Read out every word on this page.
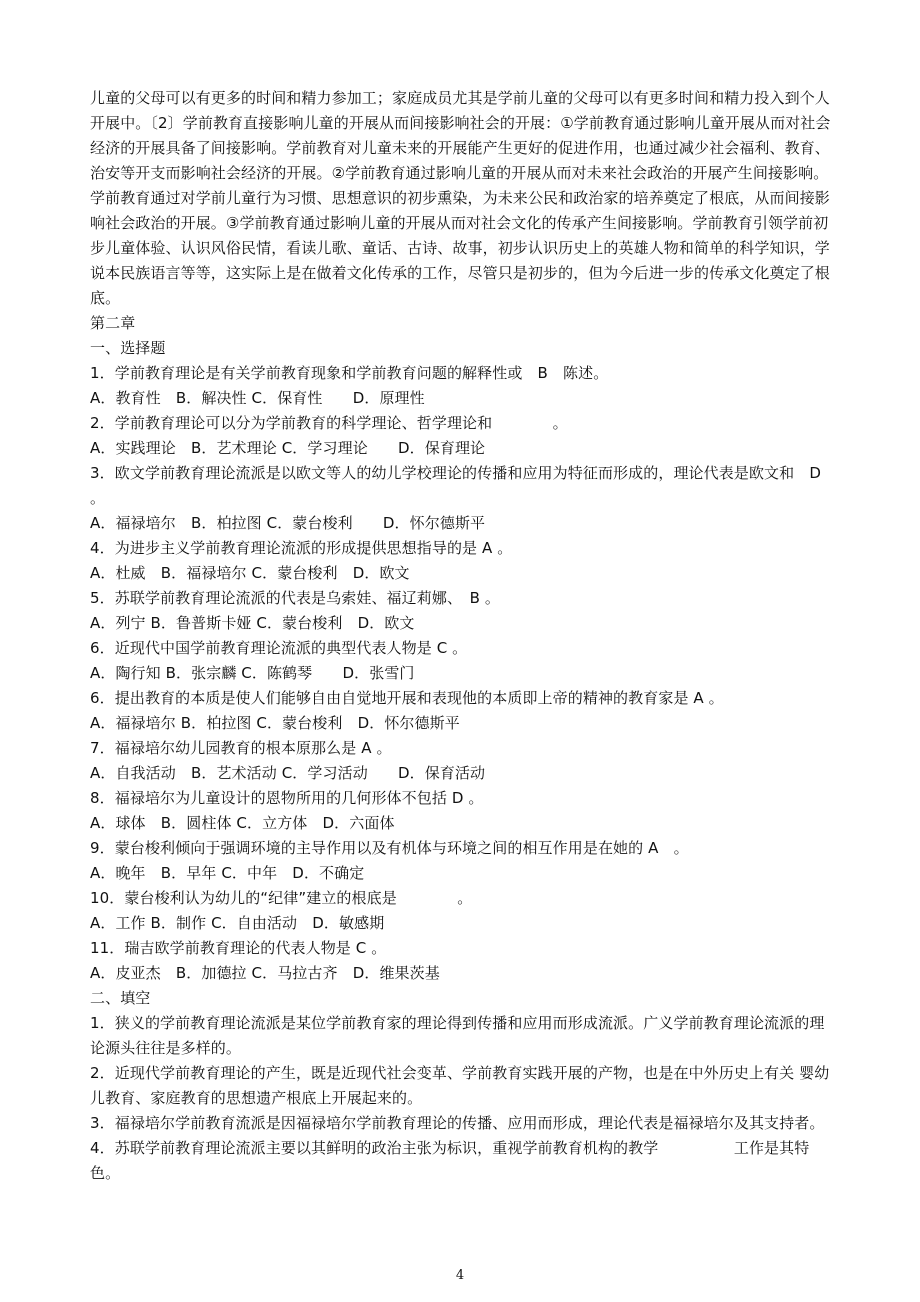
儿童的父母可以有更多的时间和精力参加工；家庭成员尤其是学前儿童的父母可以有更多时间和精力投入到个人开展中。〔2〕学前教育直接影响儿童的开展从而间接影响社会的开展：①学前教育通过影响儿童开展从而对社会经济的开展具备了间接影响。学前教育对儿童未来的开展能产生更好的促进作用，也通过减少社会福利、教育、治安等开支而影响社会经济的开展。②学前教育通过影响儿童的开展从而对未来社会政治的开展产生间接影响。学前教育通过对学前儿童行为习惯、思想意识的初步熏染，为未来公民和政治家的培养奠定了根底，从而间接影响社会政治的开展。③学前教育通过影响儿童的开展从而对社会文化的传承产生间接影响。学前教育引领学前初步儿童体验、认识风俗民情，看读儿歌、童话、古诗、故事，初步认识历史上的英雄人物和简单的科学知识，学说本民族语言等等，这实际上是在做着文化传承的工作，尽管只是初步的，但为今后进一步的传承文化奠定了根底。

第二章

一、选择题

1．学前教育理论是有关学前教育现象和学前教育问题的解释性或　B　陈述。

A．教育性　B．解决性 C．保育性　　D．原理性

2．学前教育理论可以分为学前教育的科学理论、哲学理论和　　　　。

A．实践理论　B．艺术理论 C．学习理论　　D．保育理论

3．欧文学前教育理论流派是以欧文等人的幼儿学校理论的传播和应用为特征而形成的，理论代表是欧文和　D 。

A．福禄培尔　B．柏拉图 C．蒙台梭利　　D．怀尔德斯平

4．为进步主义学前教育理论流派的形成提供思想指导的是 A 。

A．杜威　B．福禄培尔 C．蒙台梭利　D．欧文

5．苏联学前教育理论流派的代表是乌索娃、福辽莉娜、　B 。

A．列宁 B．鲁普斯卡娅 C．蒙台梭利　D．欧文

6．近现代中国学前教育理论流派的典型代表人物是 C 。

A．陶行知 B．张宗麟 C．陈鹤琴　　D．张雪门

6．提出教育的本质是使人们能够自由自觉地开展和表现他的本质即上帝的精神的教育家是 A 。

A．福禄培尔 B．柏拉图 C．蒙台梭利　D．怀尔德斯平

7．福禄培尔幼儿园教育的根本原那么是 A 。

A．自我活动　B．艺术活动 C．学习活动　　D．保育活动

8．福禄培尔为儿童设计的恩物所用的几何形体不包括 D 。

A．球体　B．圆柱体 C．立方体　D．六面体

9．蒙台梭利倾向于强调环境的主导作用以及有机体与环境之间的相互作用是在她的 A　。

A．晚年　B．早年 C．中年　D．不确定

10．蒙台梭利认为幼儿的“纪律”建立的根底是　　　　。

A．工作 B．制作 C．自由活动　D．敏感期

11．瑞吉欧学前教育理论的代表人物是 C 。

A．皮亚杰　B．加德拉 C．马拉古齐　D．维果茨基

二、填空

1．狭义的学前教育理论流派是某位学前教育家的理论得到传播和应用而形成流派。广义学前教育理论流派的理论源头往往是多样的。

2．近现代学前教育理论的产生，既是近现代社会变革、学前教育实践开展的产物，也是在中外历史上有关 婴幼儿教育、家庭教育的思想遗产根底上开展起来的。

3．福禄培尔学前教育流派是因福禄培尔学前教育理论的传播、应用而形成，理论代表是福禄培尔及其支持者。

4．苏联学前教育理论流派主要以其鲜明的政治主张为标识，重视学前教育机构的教学　　　　　工作是其特色。

4
